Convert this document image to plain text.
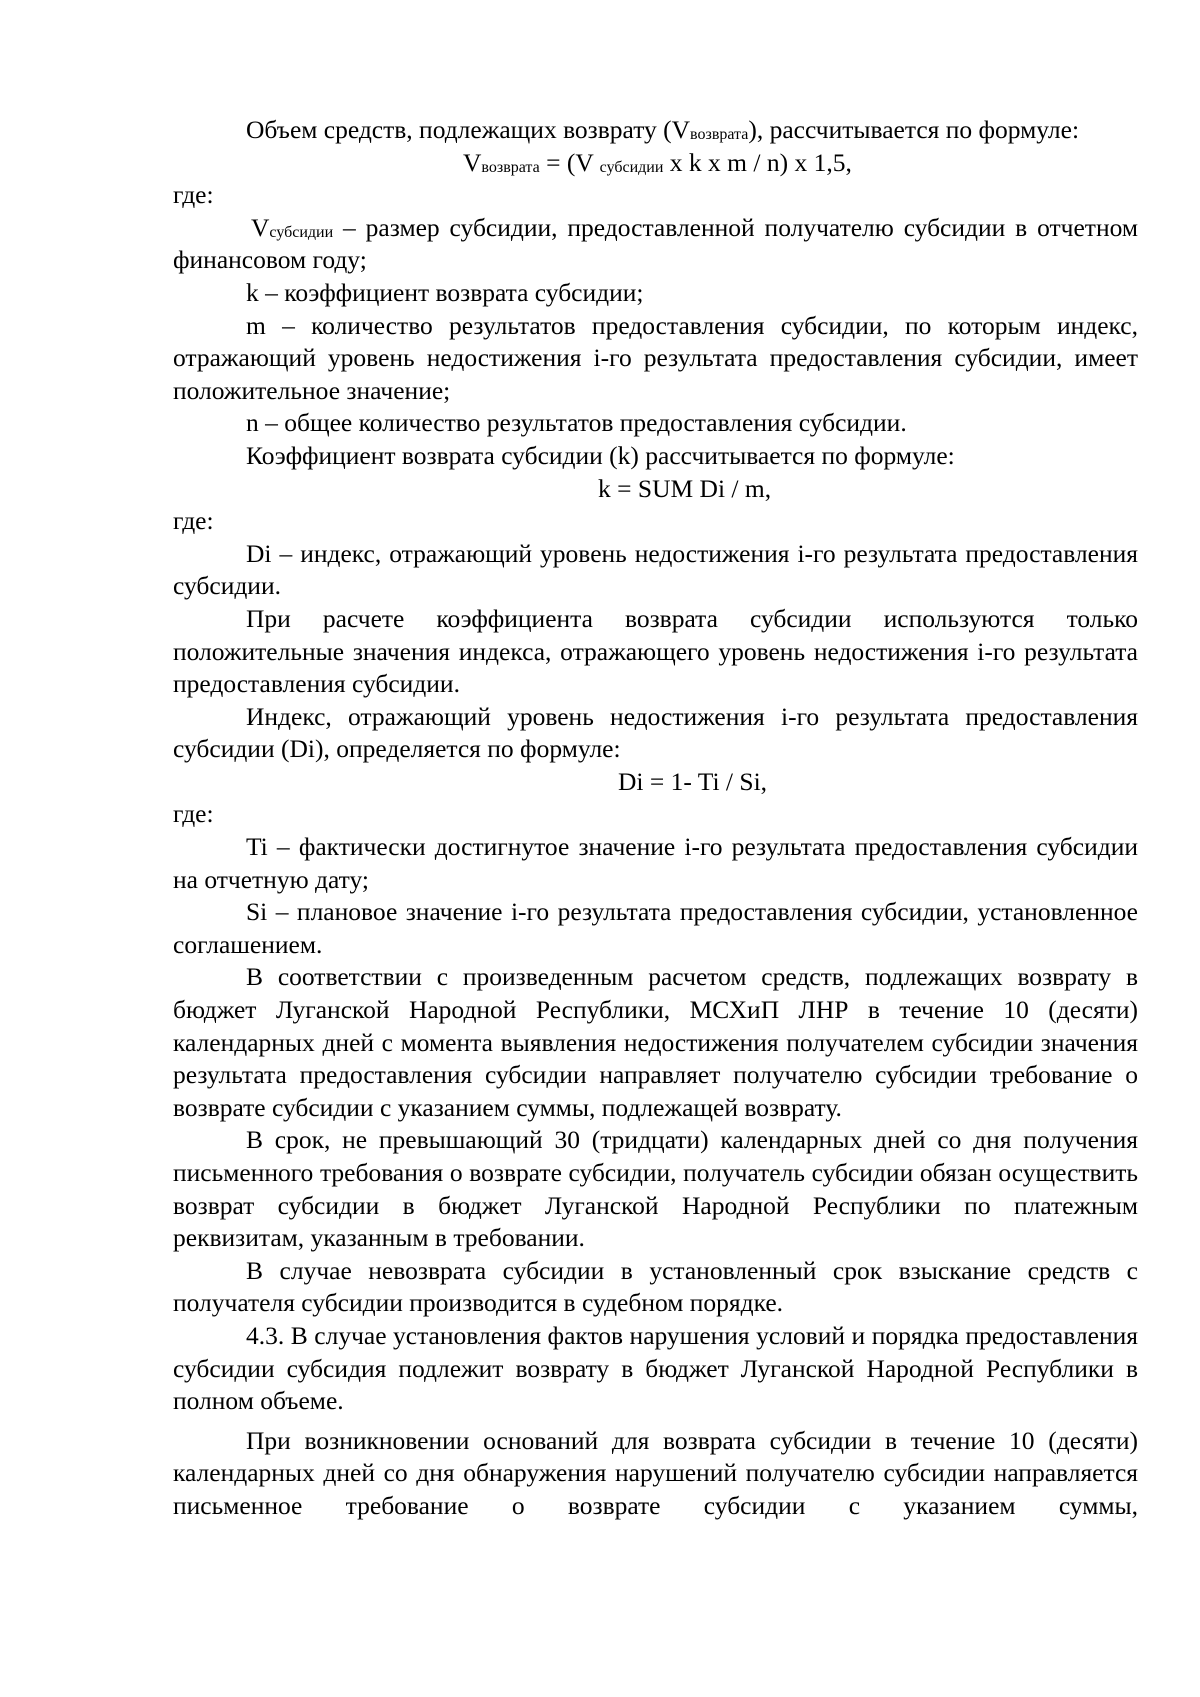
Объем средств, подлежащих возврату $(V_{возврата})$, рассчитывается по формуле:

$V_{возврата} = (V$ $_{субсидии}$ x k x m / n) x 1,5,

где:

$V_{субсидии}$ – размер субсидии, предоставленной получателю субсидии в отчетном финансовом году;

k – коэффициент возврата субсидии;

m – количество результатов предоставления субсидии, по которым индекс, отражающий уровень недостижения i-го результата предоставления субсидии, имеет положительное значение;

n – общее количество результатов предоставления субсидии.

Коэффициент возврата субсидии (k) рассчитывается по формуле:

k = SUM Di / m,

где:

Di – индекс, отражающий уровень недостижения i-го результата предоставления субсидии.

При расчете коэффициента возврата субсидии используются только положительные значения индекса, отражающего уровень недостижения i-го результата предоставления субсидии.

Индекс, отражающий уровень недостижения i-го результата предоставления субсидии (Di), определяется по формуле:

Di = 1- Ti / Si,

где:

Ti – фактически достигнутое значение i-го результата предоставления субсидии на отчетную дату;

Si – плановое значение i-го результата предоставления субсидии, установленное соглашением.

В соответствии с произведенным расчетом средств, подлежащих возврату в бюджет Луганской Народной Республики, МСХиП ЛНР в течение 10 (десяти) календарных дней с момента выявления недостижения получателем субсидии значения результата предоставления субсидии направляет получателю субсидии требование о возврате субсидии с указанием суммы, подлежащей возврату.

В срок, не превышающий 30 (тридцати) календарных дней со дня получения письменного требования о возврате субсидии, получатель субсидии обязан осуществить возврат субсидии в бюджет Луганской Народной Республики по платежным реквизитам, указанным в требовании.

В случае невозврата субсидии в установленный срок взыскание средств с получателя субсидии производится в судебном порядке.

4.3. В случае установления фактов нарушения условий и порядка предоставления субсидии субсидия подлежит возврату в бюджет Луганской Народной Республики в полном объеме.

При возникновении оснований для возврата субсидии в течение 10 (десяти) календарных дней со дня обнаружения нарушений получателю субсидии направляется письменное требование о возврате субсидии с указанием суммы,
